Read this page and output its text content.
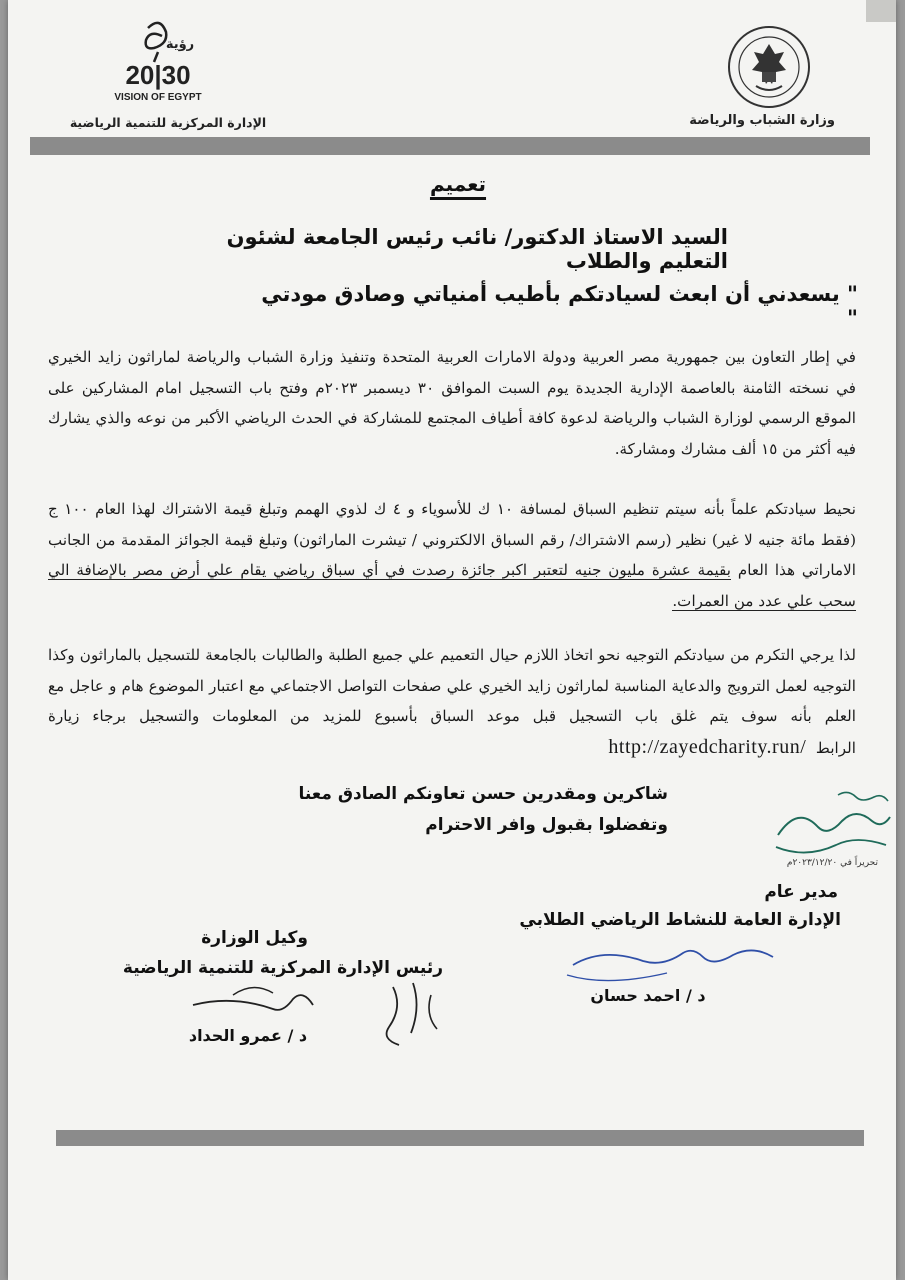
وزارة الشباب والرياضة
رؤية
20|30
VISION OF EGYPT
الإدارة المركزية للتنمية الرياضية
تعميم
السيد الاستاذ الدكتور/ نائب رئيس الجامعة لشئون التعليم والطلاب
" يسعدني أن ابعث لسيادتكم بأطيب أمنياتي وصادق مودتي "
في إطار التعاون بين جمهورية مصر العربية ودولة الامارات العربية المتحدة وتنفيذ وزارة الشباب والرياضة لماراثون زايد الخيري في نسخته الثامنة بالعاصمة الإدارية الجديدة يوم السبت الموافق ٣٠ ديسمبر ٢٠٢٣م وفتح باب التسجيل امام المشاركين على الموقع الرسمي لوزارة الشباب والرياضة لدعوة كافة أطياف المجتمع للمشاركة في الحدث الرياضي الأكبر من نوعه والذي يشارك فيه أكثر من ١٥ ألف مشارك ومشاركة.
نحيط سيادتكم علماً بأنه سيتم تنظيم السباق لمسافة ١٠ ك للأسوياء و ٤ ك لذوي الهمم وتبلغ قيمة الاشتراك لهذا العام ١٠٠ ج (فقط مائة جنيه لا غير) نظير (رسم الاشتراك/ رقم السباق الالكتروني / تيشرت الماراثون) وتبلغ قيمة الجوائز المقدمة من الجانب الاماراتي هذا العام بقيمة عشرة مليون جنيه لتعتبر اكبر جائزة رصدت في أي سباق رياضي يقام علي أرض مصر بالإضافة الي سحب علي عدد من العمرات.
لذا يرجي التكرم من سيادتكم التوجيه نحو اتخاذ اللازم حيال التعميم علي جميع الطلبة والطالبات بالجامعة للتسجيل بالماراثون وكذا التوجيه لعمل الترويج والدعاية المناسبة لماراثون زايد الخيري علي صفحات التواصل الاجتماعي مع اعتبار الموضوع هام و عاجل مع العلم بأنه سوف يتم غلق باب التسجيل قبل موعد السباق بأسبوع للمزيد من المعلومات والتسجيل برجاء زيارة الرابط  http://zayedcharity.run/
شاكرين ومقدرين حسن تعاونكم الصادق معنا
وتفضلوا بقبول وافر الاحترام
تحريراً في ٢٠٢٣/١٢/٢٠م
مدير عام
الإدارة العامة للنشاط الرياضي الطلابي
د / احمد حسان
وكيل الوزارة
رئيس الإدارة المركزية للتنمية الرياضية
د / عمرو الحداد
